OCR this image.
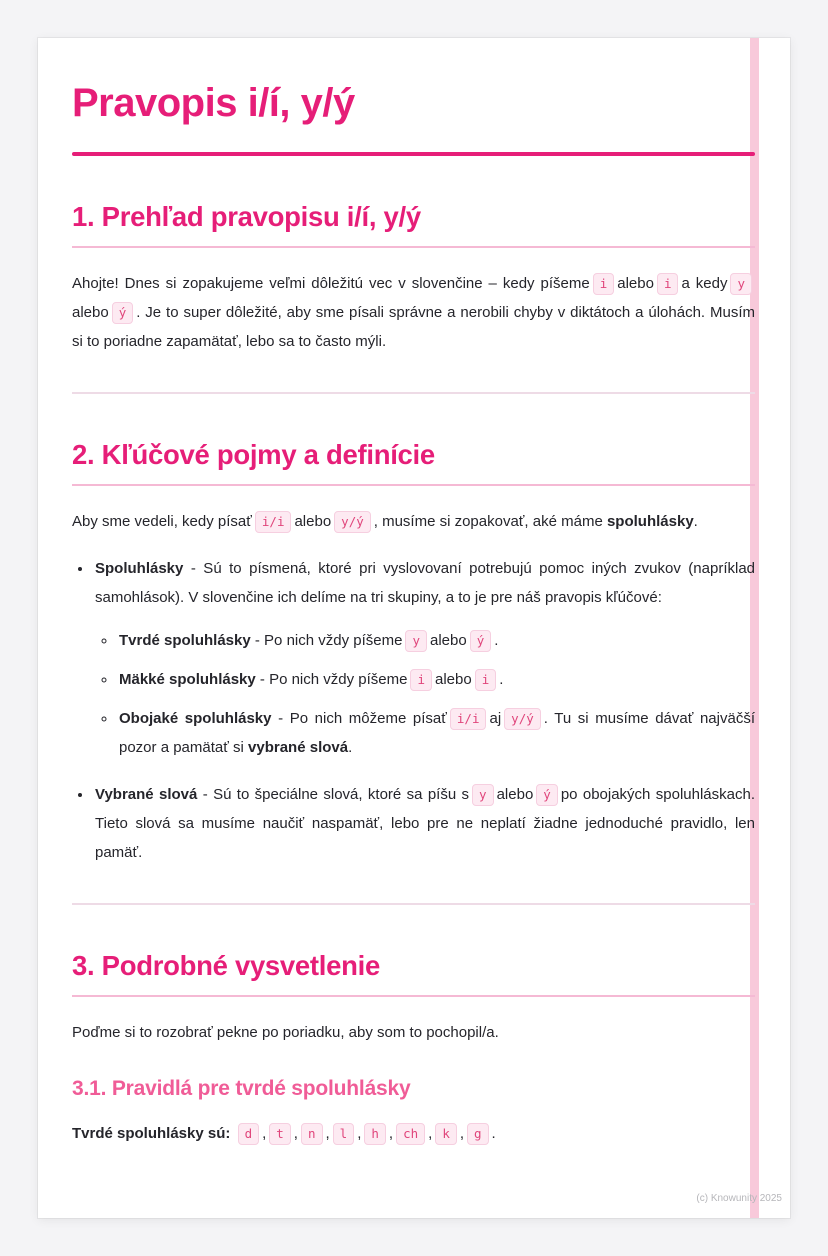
Pravopis i/í, y/ý
1. Prehľad pravopisu i/í, y/ý

Ahojte! Dnes si zopakujeme veľmi dôležitú vec v slovenčine – kedy píšeme i alebo i a kedy yalebo ý . Je to super dôležité, aby sme písali správne a nerobili chyby v diktátoch a úlohách. Musím si to poriadne zapamätať, lebo sa to často mýli.

2. Kľúčové pojmy a definície

Aby sme vedeli, kedy písať i/i alebo y/ý , musíme si zopakovať, aké máme spoluhlásky.

• Spoluhlásky - Sú to písmená, ktoré pri vyslovovaní potrebujú pomoc iných zvukov (napríklad samohlások). V slovenčine ich delíme na tri skupiny, a to je pre náš pravopis kľúčové:
◦ Tvrdé spoluhlásky - Po nich vždy píšeme y alebo ý .
◦ Mäkké spoluhlásky - Po nich vždy píšeme i alebo i .
◦ Obojaké spoluhlásky - Po nich môžeme písať i/i aj y/ý . Tu si musíme dávať najväčší pozor a pamätať si vybrané slová.
• Vybrané slová - Sú to špeciálne slová, ktoré sa píšu s y alebo ý po obojakých spoluhláskach. Tieto slová sa musíme naučiť naspamäť, lebo pre ne neplatí žiadne jednoduché pravidlo, len pamäť.
3. Podrobné vysvetlenie

Poďme si to rozobrať pekne po poriadku, aby som to pochopil/a.

3.1. Pravidlá pre tvrdé spoluhlásky

Tvrdé spoluhlásky sú: d , t , n , l , h , ch , k , g .

(c) Knowunity 2025
